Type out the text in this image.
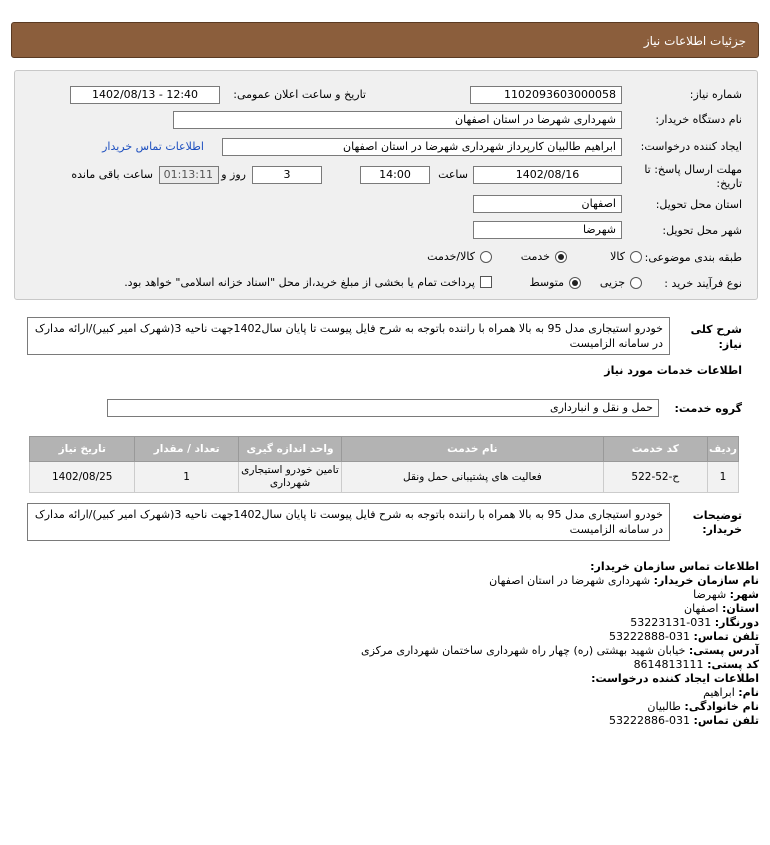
جزئیات اطلاعات نیاز
شماره نیاز:
1102093603000058
تاریخ و ساعت اعلان عمومی:
1402/08/13 - 12:40
نام دستگاه خریدار:
شهرداری شهرضا در استان اصفهان
ایجاد کننده درخواست:
ابراهیم طالبیان کارپرداز شهرداری شهرضا در استان اصفهان
اطلاعات تماس خریدار
مهلت ارسال پاسخ: تا
تاریخ:
1402/08/16
ساعت
14:00
3
روز و
01:13:11
ساعت باقی مانده
استان محل تحویل:
اصفهان
شهر محل تحویل:
شهرضا
طبقه بندی موضوعی:
کالا
خدمت
کالا/خدمت
نوع فرآیند خرید :
جزیی
متوسط
پرداخت تمام یا بخشی از مبلغ خرید،از محل "اسناد خزانه اسلامی" خواهد بود.
شرح کلی
نیاز:
خودرو استیجاری مدل 95 به بالا همراه با راننده باتوجه به شرح فایل پیوست تا پایان سال1402جهت ناحیه 3(شهرک امیر کبیر)/ارائه مدارک در سامانه الزامیست
اطلاعات خدمات مورد نیاز
گروه خدمت:
حمل و نقل و انبارداری
ردیف	کد خدمت	نام خدمت	واحد اندازه گیری	تعداد / مقدار	تاریخ نیاز
1	ح-52-522	فعالیت های پشتیبانی حمل ونقل	تامین خودرو استیجاری شهرداری	1	1402/08/25
توضیحات
خریدار:
خودرو استیجاری مدل 95 به بالا همراه با راننده باتوجه به شرح فایل پیوست تا پایان سال1402جهت ناحیه 3(شهرک امیر کبیر)/ارائه مدارک در سامانه الزامیست
اطلاعات تماس سازمان خریدار:
نام سازمان خریدار: شهرداری شهرضا در استان اصفهان
شهر: شهرضا
استان: اصفهان
دورنگار: 031-53223131
تلفن تماس: 031-53222888
آدرس پستی: خیابان شهید بهشتی (ره) چهار راه شهرداری ساختمان شهرداری مرکزی
کد پستی: 8614813111
اطلاعات ایجاد کننده درخواست:
نام: ابراهیم
نام خانوادگی: طالبیان
تلفن تماس: 031-53222886
